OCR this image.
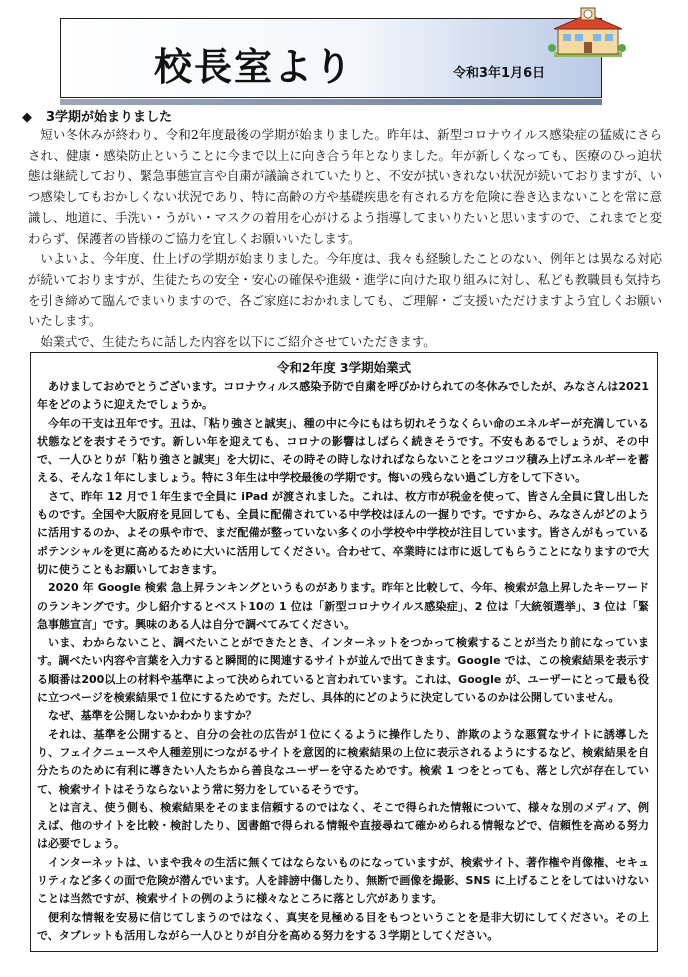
校長室より	令和3年1月6日
◆ 3学期が始まりました

短い冬休みが終わり、令和2年度最後の学期が始まりました。昨年は、新型コロナウイルス感染症の猛威にさらされ、健康・感染防止ということに今まで以上に向き合う年となりました。年が新しくなっても、医療のひっ迫状態は継続しており、緊急事態宣言や自粛が議論されていたりと、不安が拭いきれない状況が続いておりますが、いつ感染してもおかしくない状況であり、特に高齢の方や基礎疾患を有される方を危険に巻き込まないことを常に意識し、地道に、手洗い・うがい・マスクの着用を心がけるよう指導してまいりたいと思いますので、これまでと変わらず、保護者の皆様のご協力を宜しくお願いいたします。

いよいよ、今年度、仕上げの学期が始まりました。今年度は、我々も経験したことのない、例年とは異なる対応が続いておりますが、生徒たちの安全・安心の確保や進級・進学に向けた取り組みに対し、私ども教職員も気持ちを引き締めて臨んでまいりますので、各ご家庭におかれましても、ご理解・ご支援いただけますよう宜しくお願いいたします。

始業式で、生徒たちに話した内容を以下にご紹介させていただきます。

令和2年度 3学期始業式

あけましておめでとうございます。コロナウィルス感染予防で自粛を呼びかけられての冬休みでしたが、みなさんは2021 年をどのように迎えたでしょうか。

今年の干支は丑年です。丑は、「粘り強さと誠実」、種の中に今にもはち切れそうなくらい命のエネルギーが充満している状態などを表すそうです。新しい年を迎えても、コロナの影響はしばらく続きそうです。不安もあるでしょうが、その中で、一人ひとりが「粘り強さと誠実」を大切に、その時その時しなければならないことをコツコツ積み上げエネルギーを蓄える、そんな１年にしましょう。特に３年生は中学校最後の学期です。悔いの残らない過ごし方をして下さい。

さて、昨年 12 月で１年生まで全員に iPad が渡されました。これは、枚方市が税金を使って、皆さん全員に貸し出したものです。全国や大阪府を見回しても、全員に配備されている中学校はほんの一握りです。ですから、みなさんがどのように活用するのか、よその県や市で、まだ配備が整っていない多くの小学校や中学校が注目しています。皆さんがもっているポテンシャルを更に高めるために大いに活用してください。合わせて、卒業時には市に返してもらうことになりますので大切に使うこともお願いしておきます。

2020 年 Google 検索 急上昇ランキングというものがあります。昨年と比較して、今年、検索が急上昇したキーワードのランキングです。少し紹介するとベスト10の 1 位は「新型コロナウイルス感染症」、2 位は「大統領選挙」、3 位は「緊急事態宣言」です。興味のある人は自分で調べてみてください。

いま、わからないこと、調べたいことができたとき、インターネットをつかって検索することが当たり前になっています。調べたい内容や言葉を入力すると瞬間的に関連するサイトが並んで出てきます。Google では、この検索結果を表示する順番は200以上の材料や基準によって決められていると言われています。これは、Google が、ユーザーにとって最も役に立つページを検索結果で１位にするためです。ただし、具体的にどのように決定しているのかは公開していません。

なぜ、基準を公開しないかわかりますか？

それは、基準を公開すると、自分の会社の広告が１位にくるように操作したり、詐欺のような悪質なサイトに誘導したり、フェイクニュースや人種差別につながるサイトを意図的に検索結果の上位に表示されるようにするなど、検索結果を自分たちのために有利に導きたい人たちから善良なユーザーを守るためです。検索 1 つをとっても、落とし穴が存在していて、検索サイトはそうならないよう常に努力をしているそうです。

とは言え、使う側も、検索結果をそのまま信頼するのではなく、そこで得られた情報について、様々な別のメディア、例えば、他のサイトを比較・検討したり、図書館で得られる情報や直接尋ねて確かめられる情報などで、信頼性を高める努力は必要でしょう。

インターネットは、いまや我々の生活に無くてはならないものになっていますが、検索サイト、著作権や肖像権、セキュリティなど多くの面で危険が潜んでいます。人を誹謗中傷したり、無断で画像を撮影、SNS に上げることをしてはいけないことは当然ですが、検索サイトの例のように様々なところに落とし穴があります。

便利な情報を安易に信じてしまうのではなく、真実を見極める目をもつということを是非大切にしてください。その上で、タブレットも活用しながら一人ひとりが自分を高める努力をする３学期としてください。
